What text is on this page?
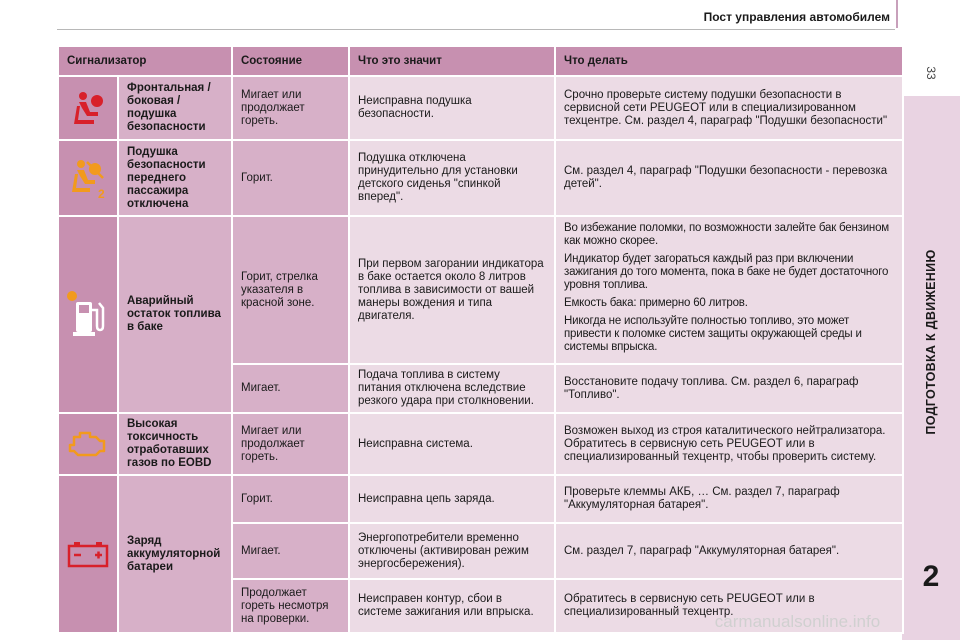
Пост управления автомобилем
33
ПОДГОТОВКА К ДВИЖЕНИЮ
2
Сигнализатор		Состояние	Что это значит	Что делать

	Фронтальная / боковая / подушка безопасности	Мигает или продолжает гореть.	Неисправна подушка безопасности.	Срочно проверьте систему подушки безопасности в сервисной сети PEUGEOT или в специализированном техцентре. См. раздел 4, параграф "Подушки безопасности"

2	Подушка безопасности переднего пассажира отключена	Горит.	Подушка отключена принудительно для установки детского сиденья "спинкой вперед".	См. раздел 4, параграф "Подушки безопасности - перевозка детей".

	Аварийный остаток топлива в баке	Горит, стрелка указателя в красной зоне.	При первом загорании индикатора в баке остается около 8 литров топлива в зависимости от вашей манеры вождения и типа двигателя.	Во избежание поломки, по возможности залейте бак бензином как можно скорее.

Индикатор будет загораться каждый раз при включении зажигания до того момента, пока в баке не будет достаточного уровня топлива.

Емкость бака: примерно 60 литров.

Никогда не используйте полностью топливо, это может привести к поломке систем защиты окружающей среды и системы впрыска.

		Мигает.	Подача топлива в систему питания отключена вследствие резкого удара при столкновении.	Восстановите подачу топлива. См. раздел 6, параграф "Топливо".

	Высокая токсичность отработавших газов по EOBD	Мигает или продолжает гореть.	Неисправна система.	Возможен выход из строя каталитического нейтрализатора. Обратитесь в сервисную сеть PEUGEOT или в специализированный техцентр, чтобы проверить систему.

	Заряд аккумуляторной батареи	Горит.	Неисправна цепь заряда.	Проверьте клеммы АКБ, … См. раздел 7, параграф "Аккумуляторная батарея".
		Мигает.	Энергопотребители временно отключены (активирован режим энергосбережения).	См. раздел 7, параграф "Аккумуляторная батарея".
		Продолжает гореть несмотря на проверки.	Неисправен контур, сбои в системе зажигания или впрыска.	Обратитесь в сервисную сеть PEUGEOT или в специализированный техцентр.
carmanualsonline.info
